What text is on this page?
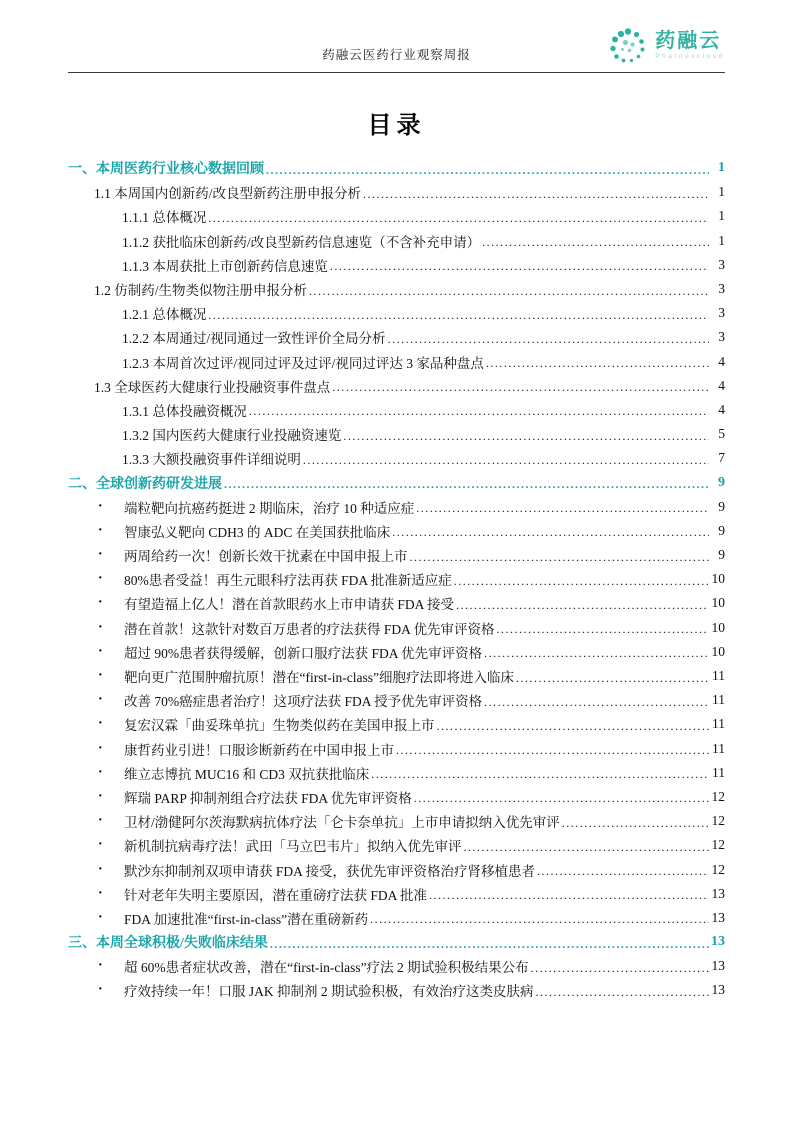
药融云医药行业观察周报
药融云
Pharnexcloud
目录
一、本周医药行业核心数据回顾 .....	1
1.1 本周国内创新药/改良型新药注册申报分析 .....	1
1.1.1 总体概况 .....	1
1.1.2 获批临床创新药/改良型新药信息速览（不含补充申请） .....	1
1.1.3 本周获批上市创新药信息速览 .....	3
1.2 仿制药/生物类似物注册申报分析 .....	3
1.2.1 总体概况 .....	3
1.2.2 本周通过/视同通过一致性评价全局分析 .....	3
1.2.3 本周首次过评/视同过评及过评/视同过评达 3 家品种盘点 .....	4
1.3 全球医药大健康行业投融资事件盘点 .....	4
1.3.1 总体投融资概况 .....	4
1.3.2 国内医药大健康行业投融资速览 .....	5
1.3.3 大额投融资事件详细说明 .....	7
二、全球创新药研发进展 .....	9
·	端粒靶向抗癌药挺进 2 期临床，治疗 10 种适应症 .....	9
·	智康弘义靶向 CDH3 的 ADC 在美国获批临床 .....	9
·	两周给药一次！创新长效干扰素在中国申报上市 .....	9
·	80%患者受益！再生元眼科疗法再获 FDA 批准新适应症 .....	10
·	有望造福上亿人！潜在首款眼药水上市申请获 FDA 接受 .....	10
·	潜在首款！这款针对数百万患者的疗法获得 FDA 优先审评资格 .....	10
·	超过 90%患者获得缓解，创新口服疗法获 FDA 优先审评资格 .....	10
·	靶向更广范围肿瘤抗原！潜在“first-in-class”细胞疗法即将进入临床 .....	11
·	改善 70%癌症患者治疗！这项疗法获 FDA 授予优先审评资格 .....	11
·	复宏汉霖「曲妥珠单抗」生物类似药在美国申报上市 .....	11
·	康哲药业引进！口服诊断新药在中国申报上市 .....	11
·	维立志博抗 MUC16 和 CD3 双抗获批临床 .....	11
·	辉瑞 PARP 抑制剂组合疗法获 FDA 优先审评资格 .....	12
·	卫材/渤健阿尔茨海默病抗体疗法「仑卡奈单抗」上市申请拟纳入优先审评 .....	12
·	新机制抗病毒疗法！武田「马立巴韦片」拟纳入优先审评 .....	12
·	默沙东抑制剂双项申请获 FDA 接受，获优先审评资格治疗肾移植患者 .....	12
·	针对老年失明主要原因，潜在重磅疗法获 FDA 批准 .....	13
·	FDA 加速批准“first-in-class”潜在重磅新药 .....	13
三、本周全球积极/失败临床结果 .....	13
·	超 60%患者症状改善，潜在“first-in-class”疗法 2 期试验积极结果公布 .....	13
·	疗效持续一年！口服 JAK 抑制剂 2 期试验积极，有效治疗这类皮肤病 .....	13
